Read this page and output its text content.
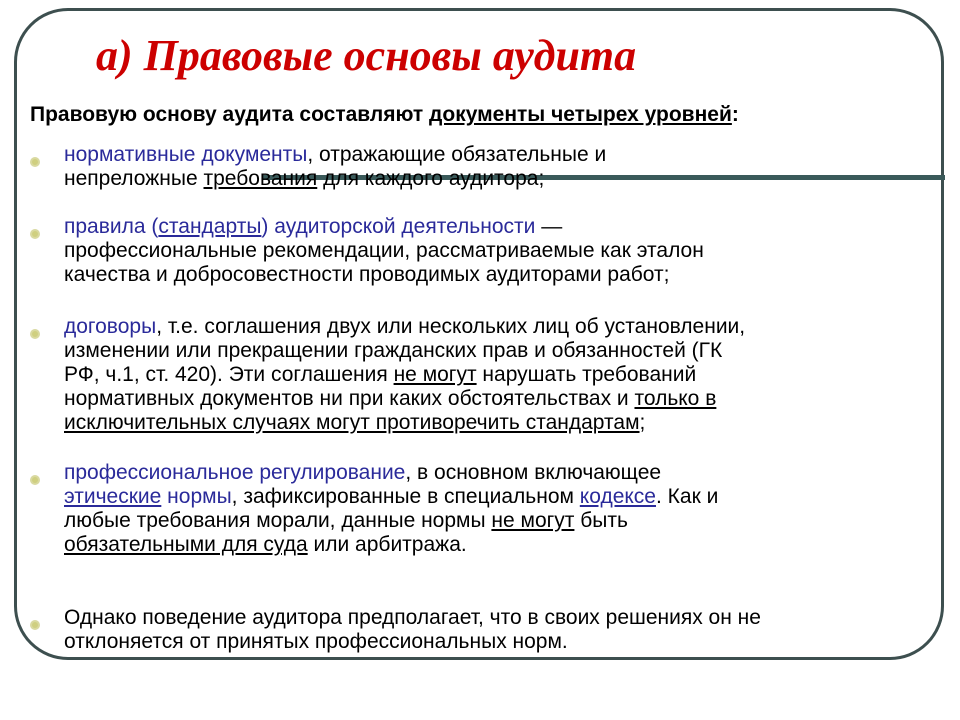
а) Правовые основы аудита

Правовую основу аудита составляют документы четырех уровней:

нормативные документы, отражающие обязательные и
непреложные требования для каждого аудитора;
правила (стандарты) аудиторской деятельности —
профессиональные рекомендации, рассматриваемые как эталон
качества и добросовестности проводимых аудиторами работ;
договоры, т.е. соглашения двух или нескольких лиц об установлении,
изменении или прекращении гражданских прав и обязанностей (ГК
РФ, ч.1, ст. 420). Эти соглашения не могут нарушать требований
нормативных документов ни при каких обстоятельствах и только в
исключительных случаях могут противоречить стандартам;
профессиональное регулирование, в основном включающее
этические нормы, зафиксированные в специальном кодексе. Как и
любые требования морали, данные нормы не могут быть
обязательными для суда или арбитража.
Однако поведение аудитора предполагает, что в своих решениях он не
отклоняется от принятых профессиональных норм.
